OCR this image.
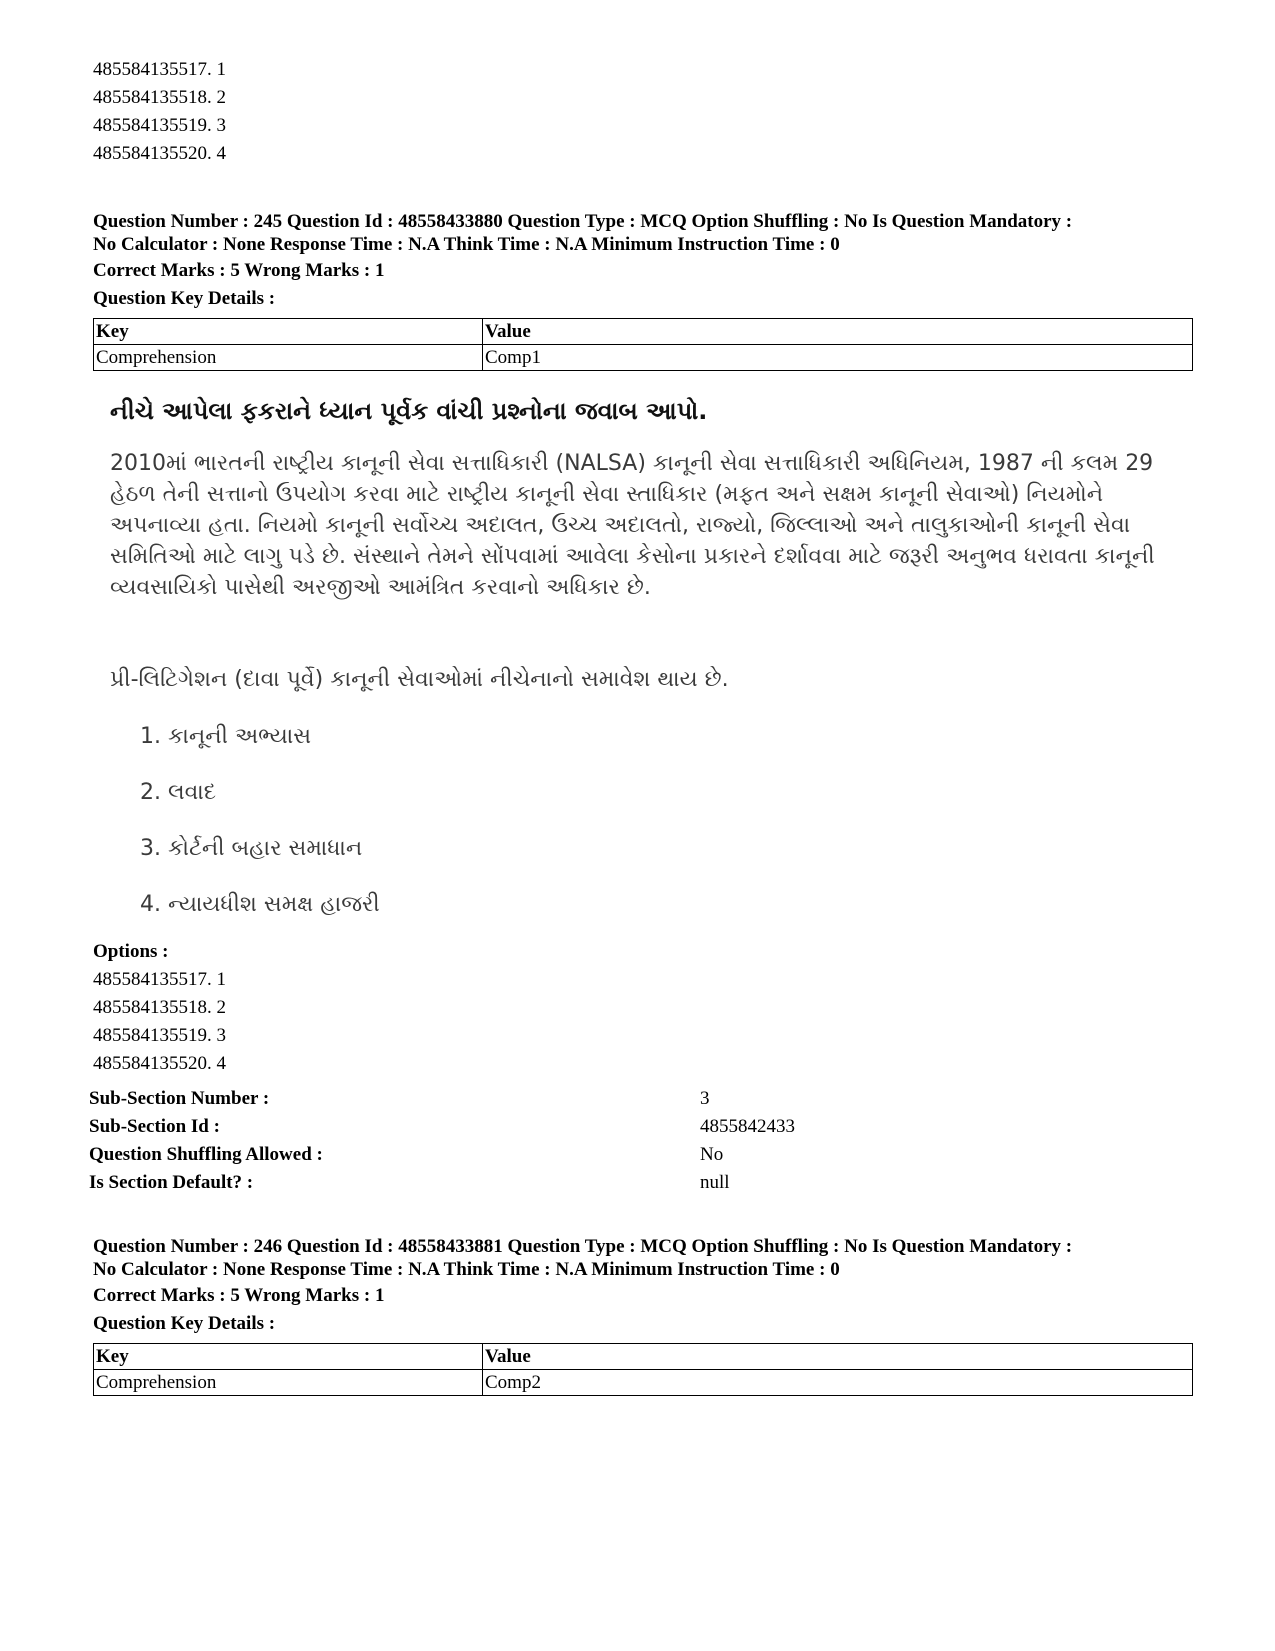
485584135517. 1
485584135518. 2
485584135519. 3
485584135520. 4
Question Number : 245 Question Id : 48558433880 Question Type : MCQ Option Shuffling : No Is Question Mandatory :
No Calculator : None Response Time : N.A Think Time : N.A Minimum Instruction Time : 0
Correct Marks : 5 Wrong Marks : 1
Question Key Details :
Key	Value
Comprehension	Comp1
નીચે આપેલા ફકરાને ધ્યાન પૂર્વક વાંચી પ્રશ્નોના જવાબ આપો.
2010માં ભારતની રાષ્ટ્રીય કાનૂની સેવા સત્તાધિકારી (NALSA) કાનૂની સેવા સત્તાધિકારી અધિનિયમ, 1987 ની કલમ 29 હેઠળ તેની સત્તાનો ઉપયોગ કરવા માટે રાષ્ટ્રીય કાનૂની સેવા સ્તાધિકાર (મફત અને સક્ષમ કાનૂની સેવાઓ) નિયમોને અપનાવ્યા હતા. નિયમો કાનૂની સર્વોચ્ચ અદાલત, ઉચ્ચ અદાલતો, રાજ્યો, જિલ્લાઓ અને તાલુકાઓની કાનૂની સેવા સમિતિઓ માટે લાગુ પડે છે. સંસ્થાને તેમને સોંપવામાં આવેલા કેસોના પ્રકારને દર્શાવવા માટે જરૂરી અનુભવ ધરાવતા કાનૂની વ્યવસાયિકો પાસેથી અરજીઓ આમંત્રિત કરવાનો અધિકાર છે.
પ્રી-લિટિગેશન (દાવા પૂર્વે) કાનૂની સેવાઓમાં નીચેનાનો સમાવેશ થાય છે.
1. કાનૂની અભ્યાસ
2. લવાદ
3. કોર્ટની બહાર સમાધાન
4. ન્યાયધીશ સમક્ષ હાજરી
Options :
485584135517. 1
485584135518. 2
485584135519. 3
485584135520. 4
Sub-Section Number :	3
Sub-Section Id :	4855842433
Question Shuffling Allowed :	No
Is Section Default? :	null
Question Number : 246 Question Id : 48558433881 Question Type : MCQ Option Shuffling : No Is Question Mandatory :
No Calculator : None Response Time : N.A Think Time : N.A Minimum Instruction Time : 0
Correct Marks : 5 Wrong Marks : 1
Question Key Details :
Key	Value
Comprehension	Comp2
